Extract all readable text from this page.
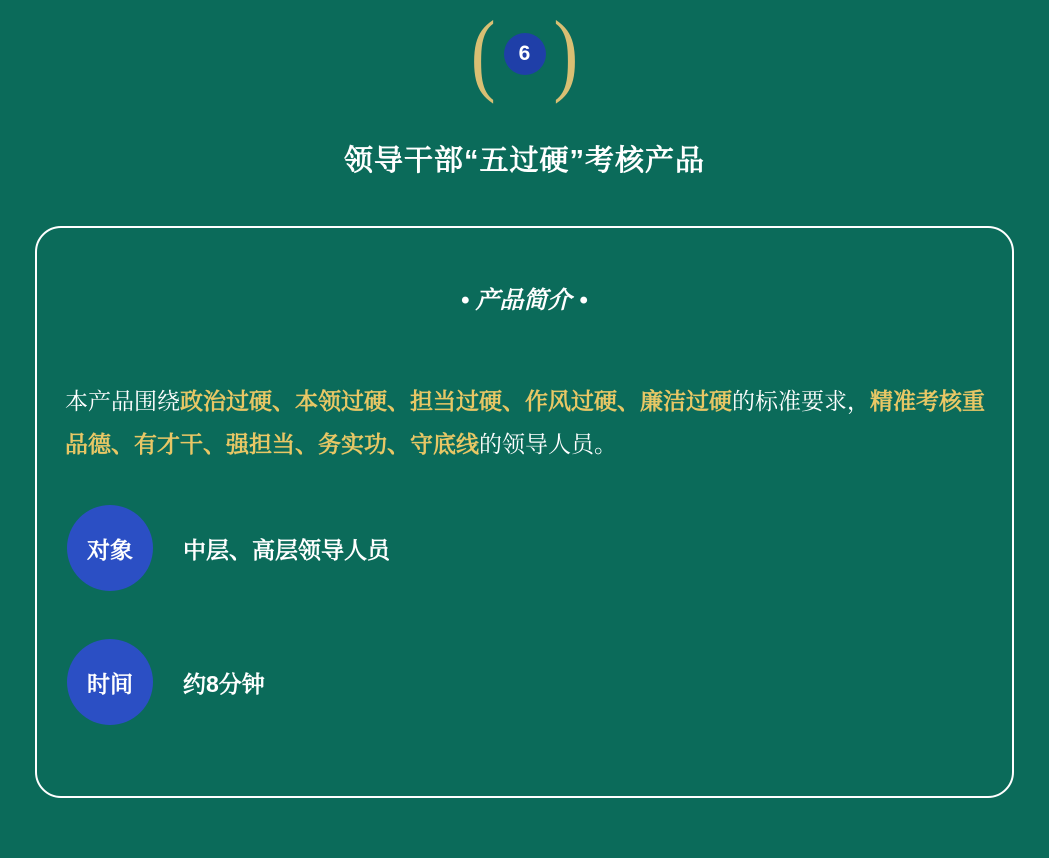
(	6 )
领导干部“五过硬”考核产品
• 产品简介 •
本产品围绕政治过硬、本领过硬、担当过硬、作风过硬、廉洁过硬的标准要求，精准考核重品德、有才干、强担当、务实功、守底线的领导人员。
对象	中层、高层领导人员
时间	约8分钟
